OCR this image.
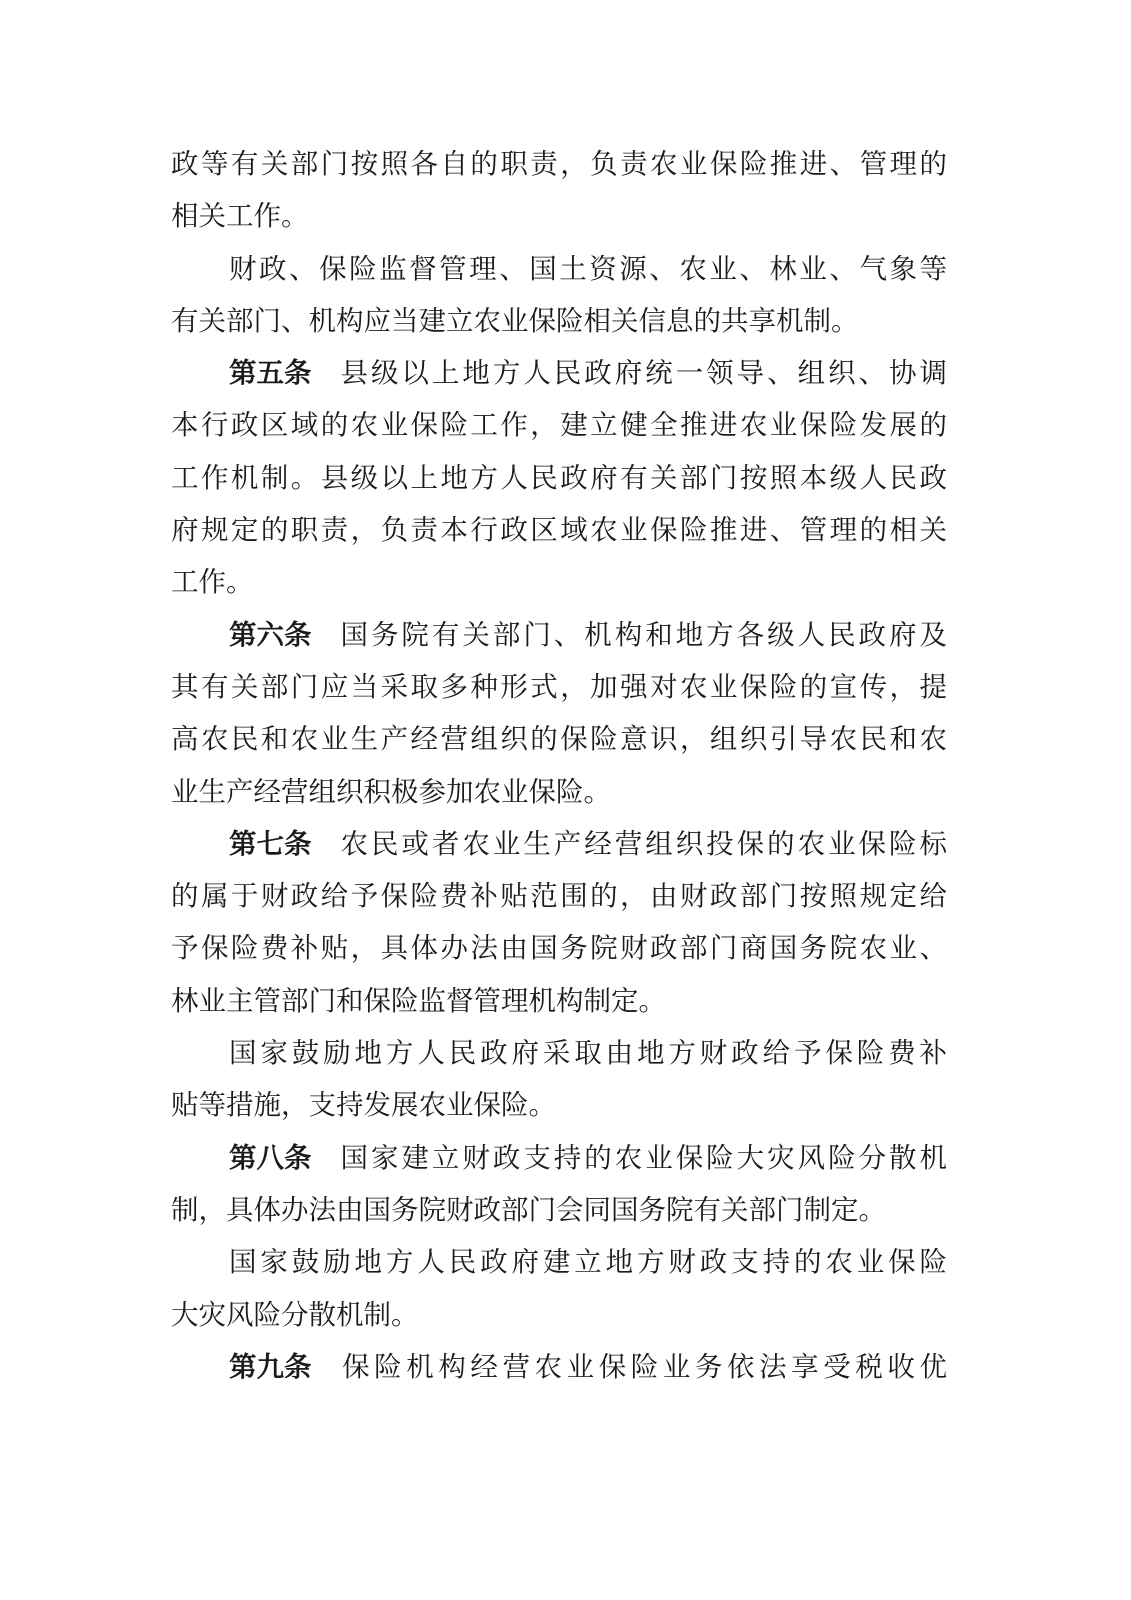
政​等​有​关​部​门​按​照​各​自​的​职​责​，​负​责​农​业​保​险​推​进​、​管​理​的
相关工作。
财​政​、​保​险​监​督​管​理​、​国​土​资​源​、​农​业​、​林​业​、​气​象​等
有关部门、机构应当建立农业保险相关信息的共享机制。
第五条 县​级​以​上​地​方​人​民​政​府​统​一​领​导​、​组​织​、​协​调
本​行​政​区​域​的​农​业​保​险​工​作​，​建​立​健​全​推​进​农​业​保​险​发​展​的
工​作​机​制​。​县​级​以​上​地​方​人​民​政​府​有​关​部​门​按​照​本​级​人​民​政
府​规​定​的​职​责​，​负​责​本​行​政​区​域​农​业​保​险​推​进​、​管​理​的​相​关
工作。
第六条 国​务​院​有​关​部​门​、​机​构​和​地​方​各​级​人​民​政​府​及
其​有​关​部​门​应​当​采​取​多​种​形​式​，​加​强​对​农​业​保​险​的​宣​传​，​提
高​农​民​和​农​业​生​产​经​营​组​织​的​保​险​意​识​，​组​织​引​导​农​民​和​农
业生产经营组织积极参加农业保险。
第七条 农​民​或​者​农​业​生​产​经​营​组​织​投​保​的​农​业​保​险​标
的​属​于​财​政​给​予​保​险​费​补​贴​范​围​的​，​由​财​政​部​门​按​照​规​定​给
予​保​险​费​补​贴​，​具​体​办​法​由​国​务​院​财​政​部​门​商​国​务​院​农​业​、
林业主管部门和保险监督管理机构制定。
国​家​鼓​励​地​方​人​民​政​府​采​取​由​地​方​财​政​给​予​保​险​费​补
贴等措施，支持发展农业保险。
第八条 国​家​建​立​财​政​支​持​的​农​业​保​险​大​灾​风​险​分​散​机
制，具体办法由国务院财政部门会同国务院有关部门制定。
国​家​鼓​励​地​方​人​民​政​府​建​立​地​方​财​政​支​持​的​农​业​保​险
大灾风险分散机制。
第九条 保​险​机​构​经​营​农​业​保​险​业​务​依​法​享​受​税​收​优
